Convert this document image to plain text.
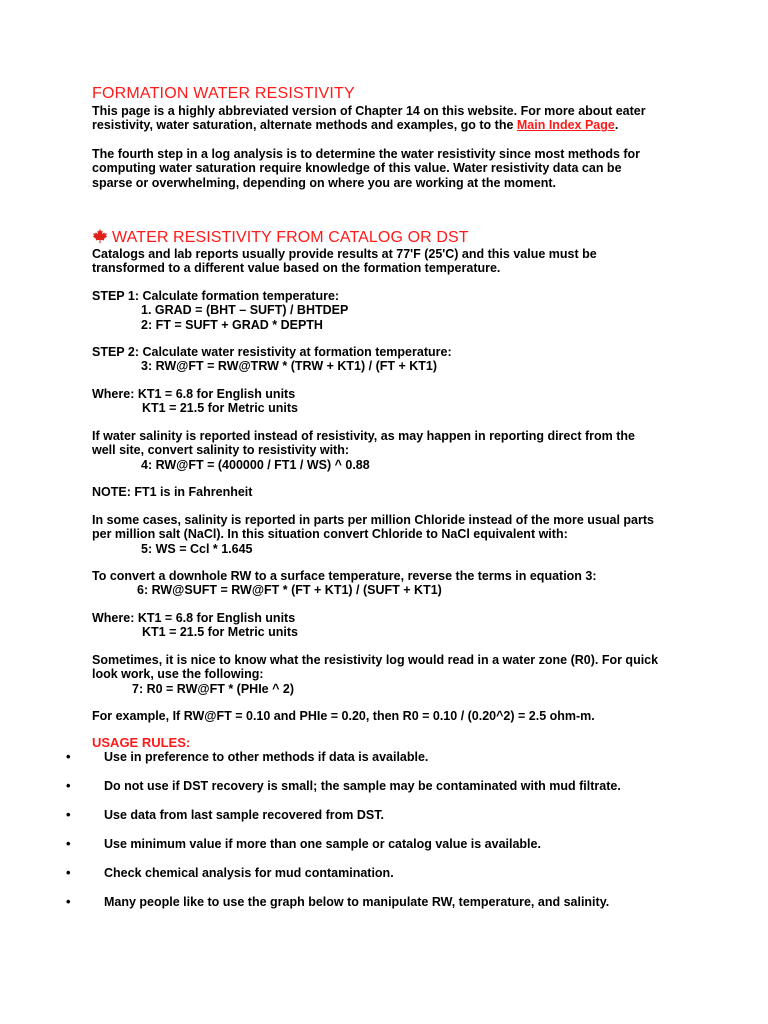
FORMATION WATER RESISTIVITY
This page is a highly abbreviated version of Chapter 14 on this website. For more about eater
resistivity, water saturation, alternate methods and examples, go to the Main Index Page.
The fourth step in a log analysis is to determine the water resistivity since most methods for
computing water saturation require knowledge of this value. Water resistivity data can be
sparse or overwhelming, depending on where you are working at the moment.
WATER RESISTIVITY FROM CATALOG OR DST
Catalogs and lab reports usually provide results at 77'F (25'C) and this value must be
transformed to a different value based on the formation temperature.
STEP 1: Calculate formation temperature:
1. GRAD = (BHT – SUFT) / BHTDEP
2: FT = SUFT + GRAD * DEPTH
STEP 2: Calculate water resistivity at formation temperature:
3: RW@FT = RW@TRW * (TRW + KT1) / (FT + KT1)
Where: KT1 = 6.8 for English units
KT1 = 21.5 for Metric units
If water salinity is reported instead of resistivity, as may happen in reporting direct from the
well site, convert salinity to resistivity with:
4: RW@FT = (400000 / FT1 / WS) ^ 0.88
NOTE: FT1 is in Fahrenheit
In some cases, salinity is reported in parts per million Chloride instead of the more usual parts
per million salt (NaCl). In this situation convert Chloride to NaCl equivalent with:
5: WS = Ccl * 1.645
To convert a downhole RW to a surface temperature, reverse the terms in equation 3:
6: RW@SUFT = RW@FT * (FT + KT1) / (SUFT + KT1)
Where: KT1 = 6.8 for English units
KT1 = 21.5 for Metric units
Sometimes, it is nice to know what the resistivity log would read in a water zone (R0). For quick
look work, use the following:
7: R0 = RW@FT * (PHIe ^ 2)
For example, If RW@FT = 0.10 and PHIe = 0.20, then R0 = 0.10 / (0.20^2) = 2.5 ohm-m.
USAGE RULES:
•	Use in preference to other methods if data is available.
•	Do not use if DST recovery is small; the sample may be contaminated with mud filtrate.
•	Use data from last sample recovered from DST.
•	Use minimum value if more than one sample or catalog value is available.
•	Check chemical analysis for mud contamination.
•	Many people like to use the graph below to manipulate RW, temperature, and salinity.
